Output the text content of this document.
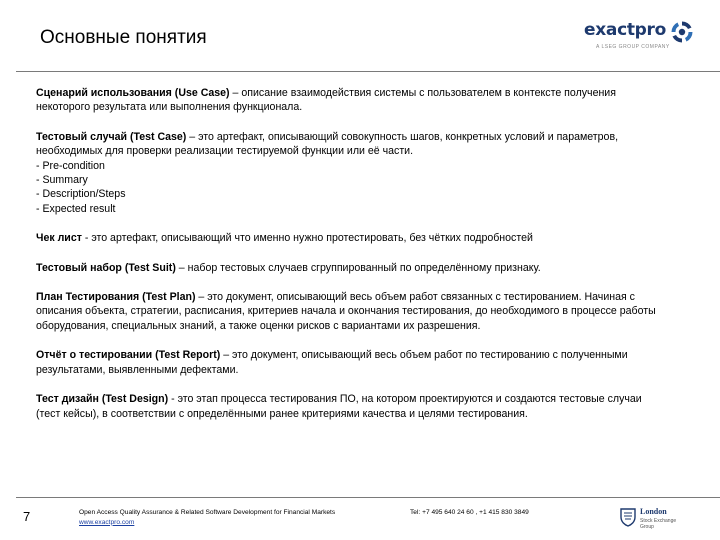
Основные понятия	exactpro
A LSEG GROUP COMPANY

Сценарий использования (Use Case) – описание взаимодействия системы с пользователем в контексте получения некоторого результата или выполнения функционала.

Тестовый случай (Test Case) – это артефакт, описывающий совокупность шагов, конкретных условий и параметров, необходимых для проверки реализации тестируемой функции или её части.
- Pre-condition
- Summary
- Description/Steps
- Expected result

Чек лист - это артефакт, описывающий что именно нужно протестировать, без чётких подробностей

Тестовый набор (Test Suit) – набор тестовых случаев сгруппированный по определённому признаку.

План Тестирования (Test Plan) – это документ, описывающий весь объем работ связанных с тестированием. Начиная с описания объекта, стратегии, расписания, критериев начала и окончания тестирования, до необходимого в процессе работы оборудования, специальных знаний, а также оценки рисков с вариантами их разрешения.

Отчёт о тестировании (Test Report) – это документ, описывающий весь объем работ по тестированию с полученными результатами, выявленными дефектами.

Тест дизайн (Test Design) - это этап процесса тестирования ПО, на котором проектируются и создаются тестовые случаи (тест кейсы), в соответствии с определёнными ранее критериями качества и целями тестирования.

7	Open Access Quality Assurance & Related Software Development for Financial Markets
www.exactpro.com
Tel: +7 495 640 24 60 , +1 415 830 3849	London
Stock Exchange Group
